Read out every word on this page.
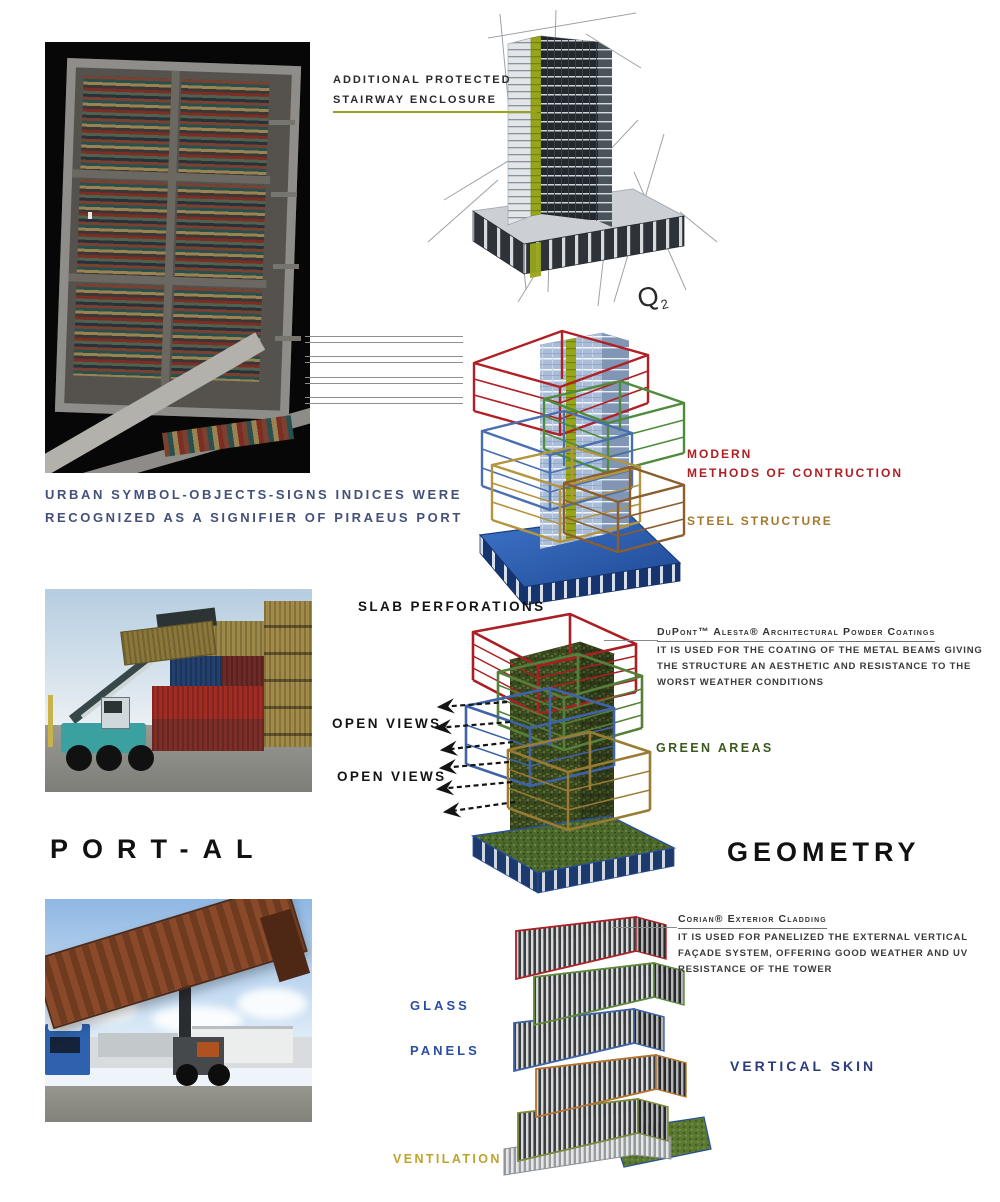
URBAN SYMBOL-OBJECTS-SIGNS INDICES WERE
RECOGNIZED AS A SIGNIFIER OF PIRAEUS PORT
ADDITIONAL PROTECTED
STAIRWAY ENCLOSURE
$Q_2$
MODERN
METHODS OF CONTRUCTION
STEEL STRUCTURE
SLAB PERFORATIONS
OPEN VIEWS
OPEN VIEWS
DuPont™ Alesta® Architectural Powder Coatings
IT IS USED FOR THE COATING OF THE METAL BEAMS GIVING
THE STRUCTURE AN AESTHETIC AND RESISTANCE TO THE
WORST WEATHER CONDITIONS
GREEN AREAS
PORT-AL	GEOMETRY
Corian® Exterior Cladding
IT IS USED FOR PANELIZED THE EXTERNAL VERTICAL
FAÇADE SYSTEM, OFFERING GOOD WEATHER AND UV
RESISTANCE OF THE TOWER
GLASS
PANELS
VERTICAL SKIN
VENTILATION
